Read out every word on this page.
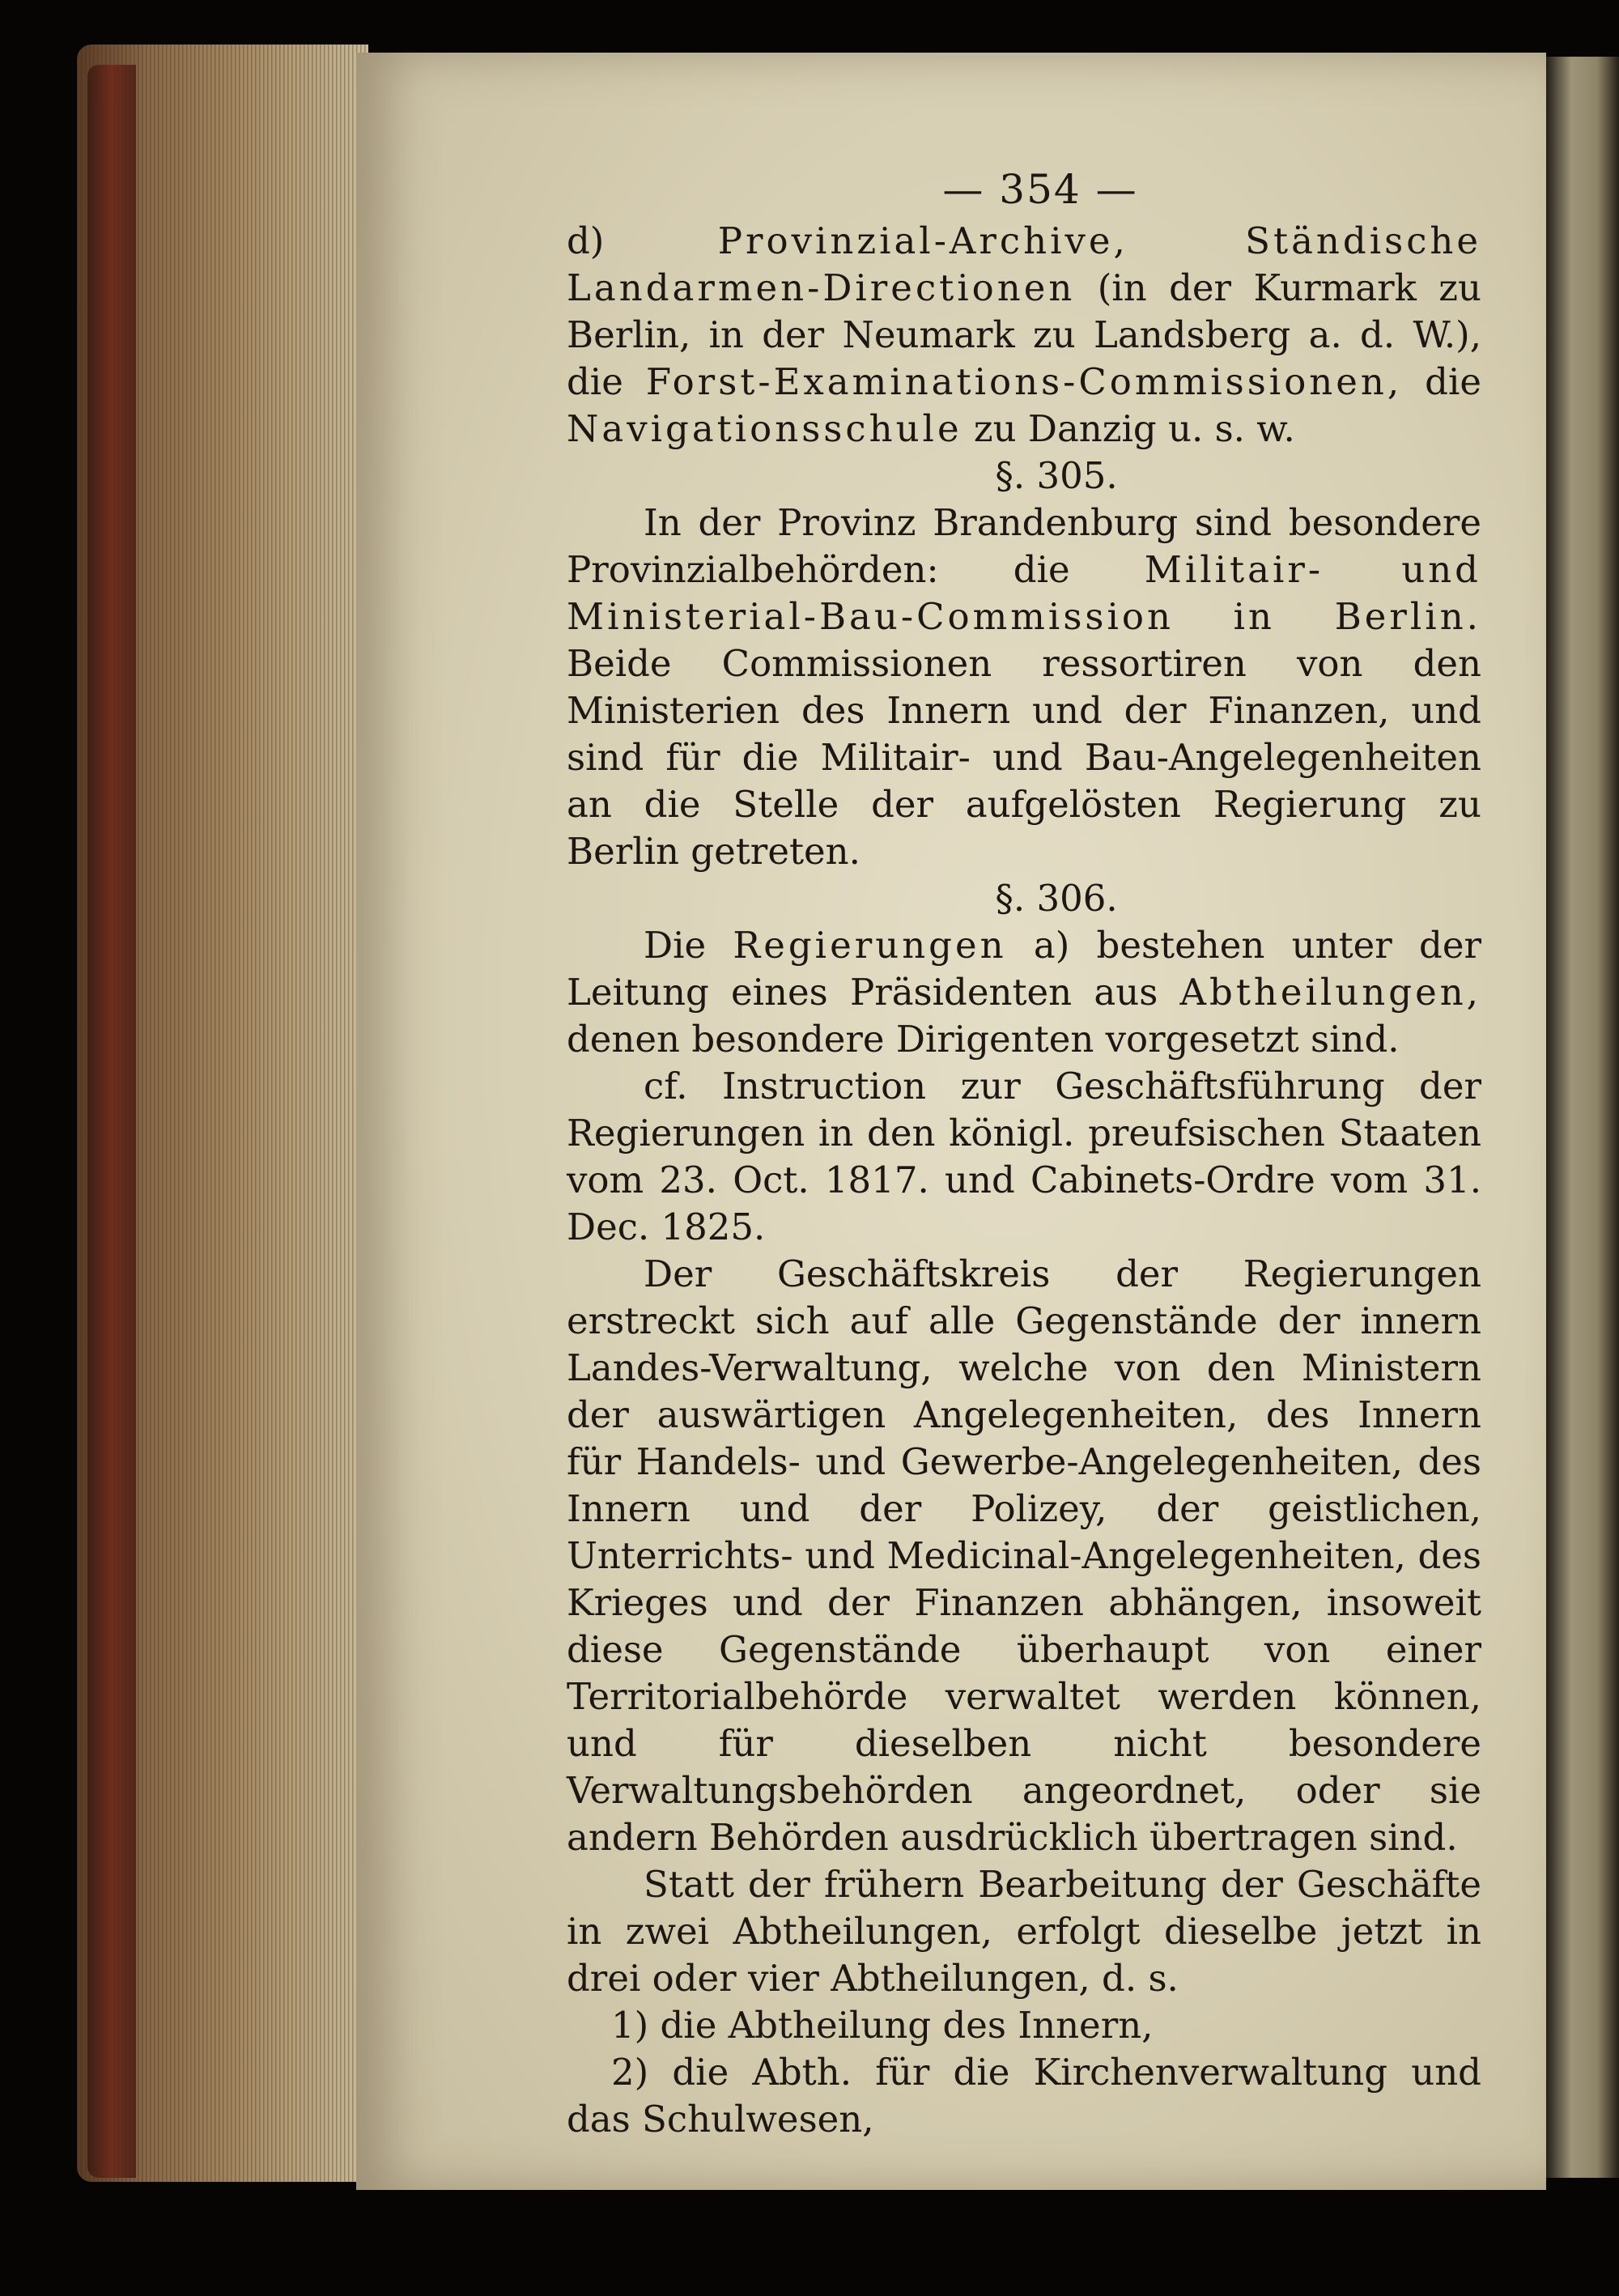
— 354 —

d) Provinzial-Archive, Ständische Landarmen-Directionen (in der Kurmark zu Berlin, in der Neumark zu Landsberg a. d. W.), die Forst-Examinations-Commissionen, die Navigationsschule zu Danzig u. s. w.

§. 305.

In der Provinz Brandenburg sind besondere Provinzialbehörden: die Militair- und Ministerial-Bau-Commission in Berlin. Beide Commissionen ressortiren von den Ministerien des Innern und der Finanzen, und sind für die Militair- und Bau-Angelegenheiten an die Stelle der aufgelösten Regierung zu Berlin getreten.

§. 306.

Die Regierungen a) bestehen unter der Leitung eines Präsidenten aus Abtheilungen, denen besondere Dirigenten vorgesetzt sind.

cf. Instruction zur Geschäftsführung der Regierungen in den königl. preufsischen Staaten vom 23. Oct. 1817. und Cabinets-Ordre vom 31. Dec. 1825.

Der Geschäftskreis der Regierungen erstreckt sich auf alle Gegenstände der innern Landes-Verwaltung, welche von den Ministern der auswärtigen Angelegenheiten, des Innern für Handels- und Gewerbe-Angelegenheiten, des Innern und der Polizey, der geistlichen, Unterrichts- und Medicinal-Angelegenheiten, des Krieges und der Finanzen abhängen, insoweit diese Gegenstände überhaupt von einer Territorialbehörde verwaltet werden können, und für dieselben nicht besondere Verwaltungsbehörden angeordnet, oder sie andern Behörden ausdrücklich übertragen sind.

Statt der frühern Bearbeitung der Geschäfte in zwei Abtheilungen, erfolgt dieselbe jetzt in drei oder vier Abtheilungen, d. s.

1) die Abtheilung des Innern,

2) die Abth. für die Kirchenverwaltung und das Schulwesen,
